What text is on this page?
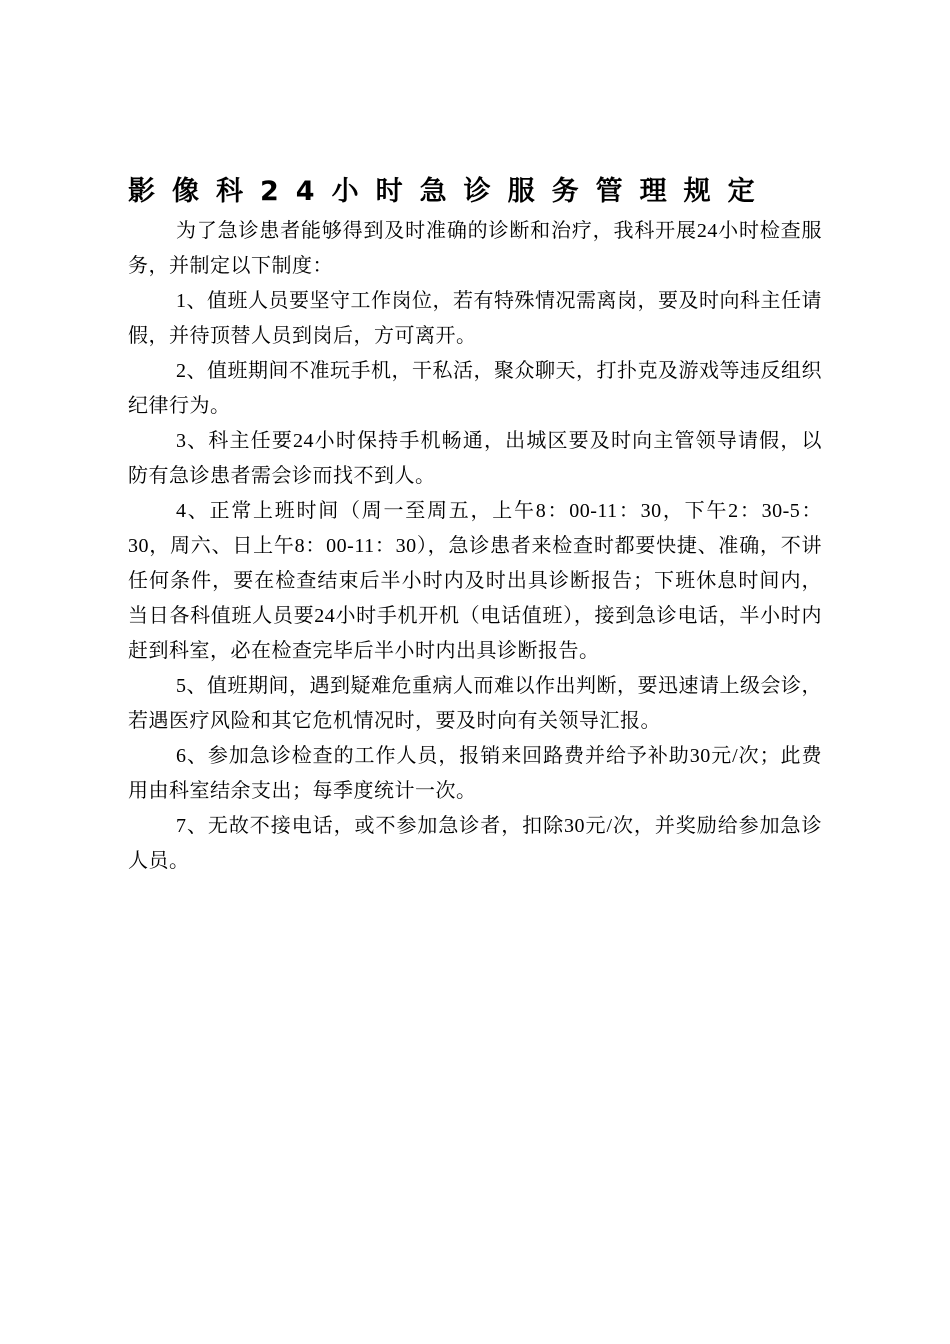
影像科24小时急诊服务管理规定

为了急诊患者能够得到及时准确的诊断和治疗，我科开展24小时检查服务，并制定以下制度：

1、值班人员要坚守工作岗位，若有特殊情况需离岗，要及时向科主任请假，并待顶替人员到岗后，方可离开。

2、值班期间不准玩手机，干私活，聚众聊天，打扑克及游戏等违反组织纪律行为。

3、科主任要24小时保持手机畅通，出城区要及时向主管领导请假，以防有急诊患者需会诊而找不到人。

4、正常上班时间（周一至周五，上午8：00-11：30，下午2：30-5：30，周六、日上午8：00-11：30），急诊患者来检查时都要快捷、准确，不讲任何条件，要在检查结束后半小时内及时出具诊断报告；下班休息时间内，当日各科值班人员要24小时手机开机（电话值班），接到急诊电话，半小时内赶到科室，必在检查完毕后半小时内出具诊断报告。

5、值班期间，遇到疑难危重病人而难以作出判断，要迅速请上级会诊，若遇医疗风险和其它危机情况时，要及时向有关领导汇报。

6、参加急诊检查的工作人员，报销来回路费并给予补助30元/次；此费用由科室结余支出；每季度统计一次。

7、无故不接电话，或不参加急诊者，扣除30元/次，并奖励给参加急诊人员。
